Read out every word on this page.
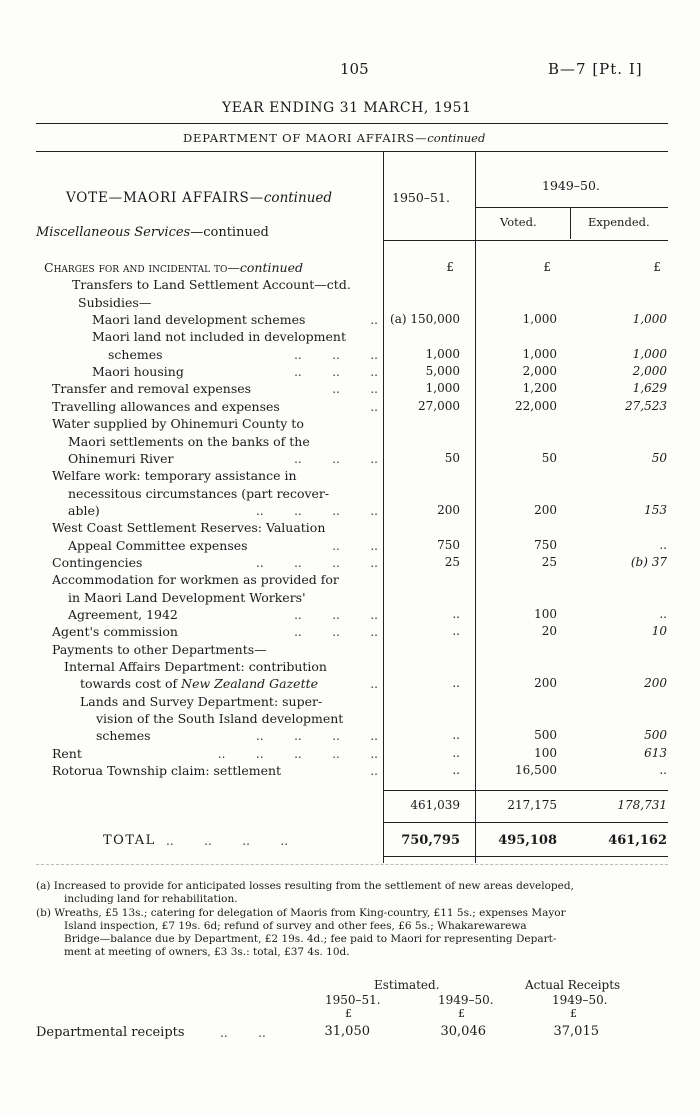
105	B—7 [Pt. I]
YEAR ENDING 31 MARCH, 1951
DEPARTMENT OF MAORI AFFAIRS—continued
VOTE—MAORI AFFAIRS—continued
Miscellaneous Services—continued
1950–51.
1949–50.
Voted.	Expended.
Charges for and incidental to—continued	£	£	£
Transfers to Land Settlement Account—ctd.
Subsidies—
Maori land development schemes	.. (a) 150,000	1,000	1,000
Maori land not included in development
schemes	..        ..        ..	1,000	1,000	1,000
Maori housing	..        ..        ..	5,000	2,000	2,000
Transfer and removal expenses	..        ..	1,000	1,200	1,629
Travelling allowances and expenses	..	27,000	22,000	27,523
Water supplied by Ohinemuri County to
Maori settlements on the banks of the
Ohinemuri River	..        ..        ..	50	50	50
Welfare work: temporary assistance in
necessitous circumstances (part recover-
able)	..        ..        ..        ..	200	200	153
West Coast Settlement Reserves: Valuation
Appeal Committee expenses	..        ..	750	750	..
Contingencies	..        ..        ..        ..	25	25	(b) 37
Accommodation for workmen as provided for
in Maori Land Development Workers'
Agreement, 1942	..        ..        ..	..	100	..
Agent's commission	..        ..        ..	..	20	10
Payments to other Departments—
Internal Affairs Department: contribution
towards cost of New Zealand Gazette	..	..	200	200
Lands and Survey Department: super-
vision of the South Island development
schemes	..        ..        ..        ..	..	500	500
Rent	..        ..        ..        ..        ..	..	100	613
Rotorua Township claim: settlement	..	..	16,500	..
461,039	217,175	178,731
TOTAL ..        ..        ..        ..	750,795	495,108	461,162
(a) Increased to provide for anticipated losses resulting from the settlement of new areas developed,
including land for rehabilitation.
(b) Wreaths, £5 13s.; catering for delegation of Maoris from King-country, £11 5s.; expenses Mayor
Island inspection, £7 19s. 6d; refund of survey and other fees, £6 5s.; Whakarewarewa
Bridge—balance due by Department, £2 19s. 4d.; fee paid to Maori for representing Depart-
ment at meeting of owners, £3 3s.: total, £37 4s. 10d.
Estimated.	Actual Receipts
1950–51.	1949–50.	1949–50.
£	£	£
Departmental receipts	..        ..	31,050	30,046	37,015
